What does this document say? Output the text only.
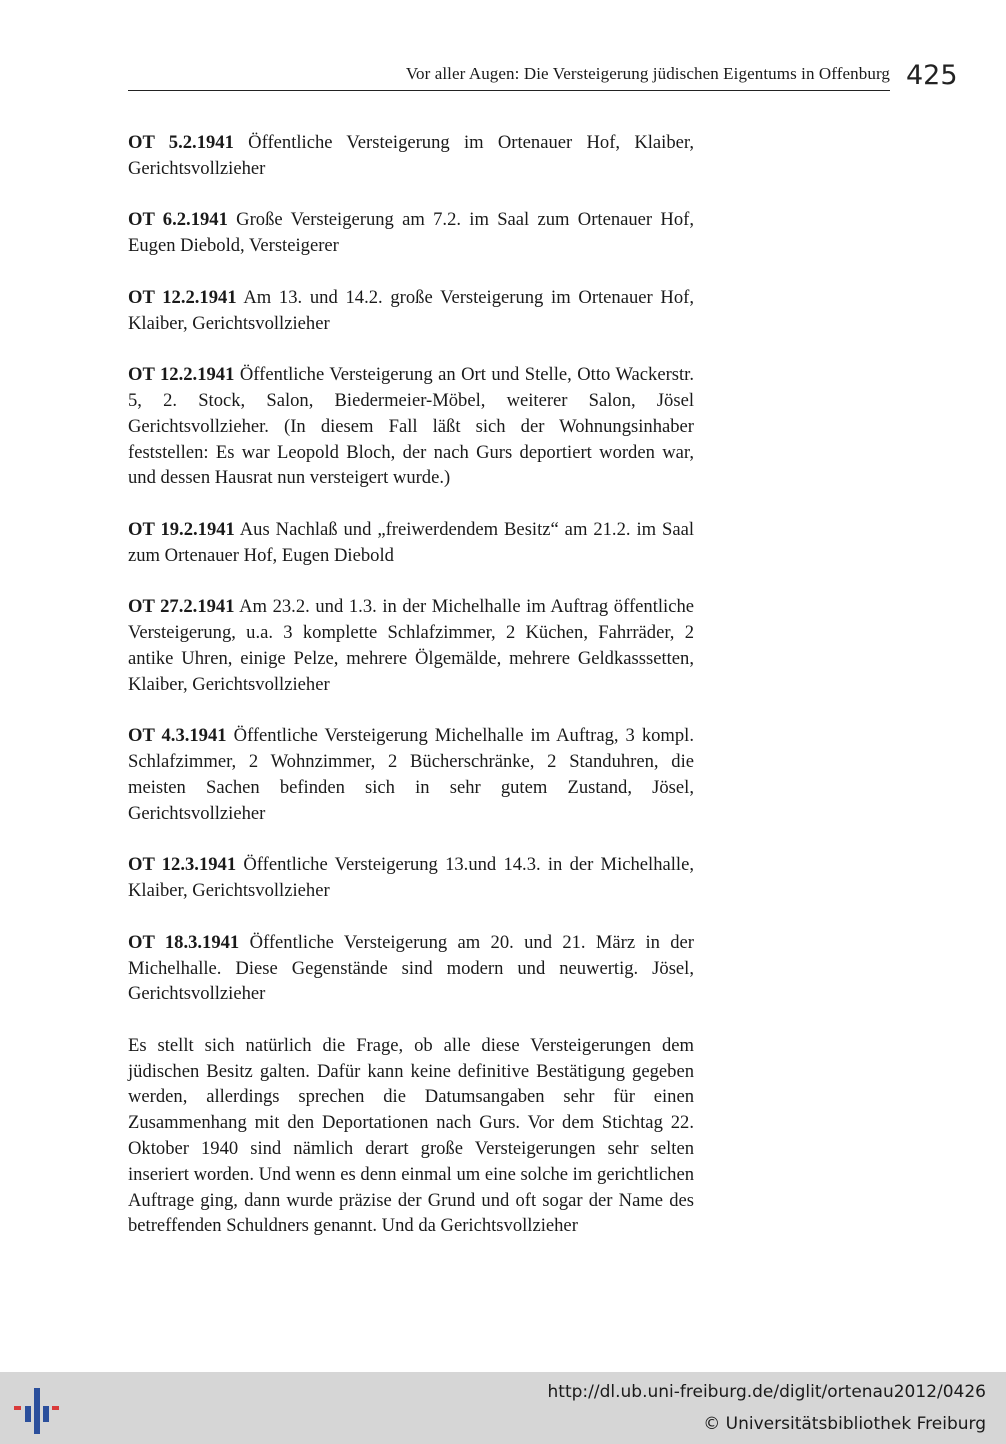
Vor aller Augen: Die Versteigerung jüdischen Eigentums in Offenburg 425

OT 5.2.1941 Öffentliche Versteigerung im Ortenauer Hof, Klaiber, Gerichtsvollzieher

OT 6.2.1941 Große Versteigerung am 7.2. im Saal zum Ortenauer Hof, Eugen Diebold, Versteigerer

OT 12.2.1941 Am 13. und 14.2. große Versteigerung im Ortenauer Hof, Klaiber, Gerichtsvollzieher

OT 12.2.1941 Öffentliche Versteigerung an Ort und Stelle, Otto Wackerstr. 5, 2. Stock, Salon, Biedermeier-Möbel, weiterer Salon, Jösel Gerichtsvollzieher. (In diesem Fall läßt sich der Wohnungsinhaber feststellen: Es war Leopold Bloch, der nach Gurs deportiert worden war, und dessen Hausrat nun versteigert wurde.)

OT 19.2.1941 Aus Nachlaß und „freiwerdendem Besitz“ am 21.2. im Saal zum Ortenauer Hof, Eugen Diebold

OT 27.2.1941 Am 23.2. und 1.3. in der Michelhalle im Auftrag öffentliche Versteigerung, u.a. 3 komplette Schlafzimmer, 2 Küchen, Fahrräder, 2 antike Uhren, einige Pelze, mehrere Ölgemälde, mehrere Geldkasssetten, Klaiber, Gerichtsvollzieher

OT 4.3.1941 Öffentliche Versteigerung Michelhalle im Auftrag, 3 kompl. Schlafzimmer, 2 Wohnzimmer, 2 Bücherschränke, 2 Standuhren, die meisten Sachen befinden sich in sehr gutem Zustand, Jösel, Gerichtsvollzieher

OT 12.3.1941 Öffentliche Versteigerung 13.und 14.3. in der Michelhalle, Klaiber, Gerichtsvollzieher

OT 18.3.1941 Öffentliche Versteigerung am 20. und 21. März in der Michelhalle. Diese Gegenstände sind modern und neuwertig. Jösel, Gerichtsvollzieher

Es stellt sich natürlich die Frage, ob alle diese Versteigerungen dem jüdischen Besitz galten. Dafür kann keine definitive Bestätigung gegeben werden, allerdings sprechen die Datumsangaben sehr für einen Zusammenhang mit den Deportationen nach Gurs. Vor dem Stichtag 22. Oktober 1940 sind nämlich derart große Versteigerungen sehr selten inseriert worden. Und wenn es denn einmal um eine solche im gerichtlichen Auftrage ging, dann wurde präzise der Grund und oft sogar der Name des betreffenden Schuldners genannt. Und da Gerichtsvollzieher

http://dl.ub.uni-freiburg.de/diglit/ortenau2012/0426
© Universitätsbibliothek Freiburg
